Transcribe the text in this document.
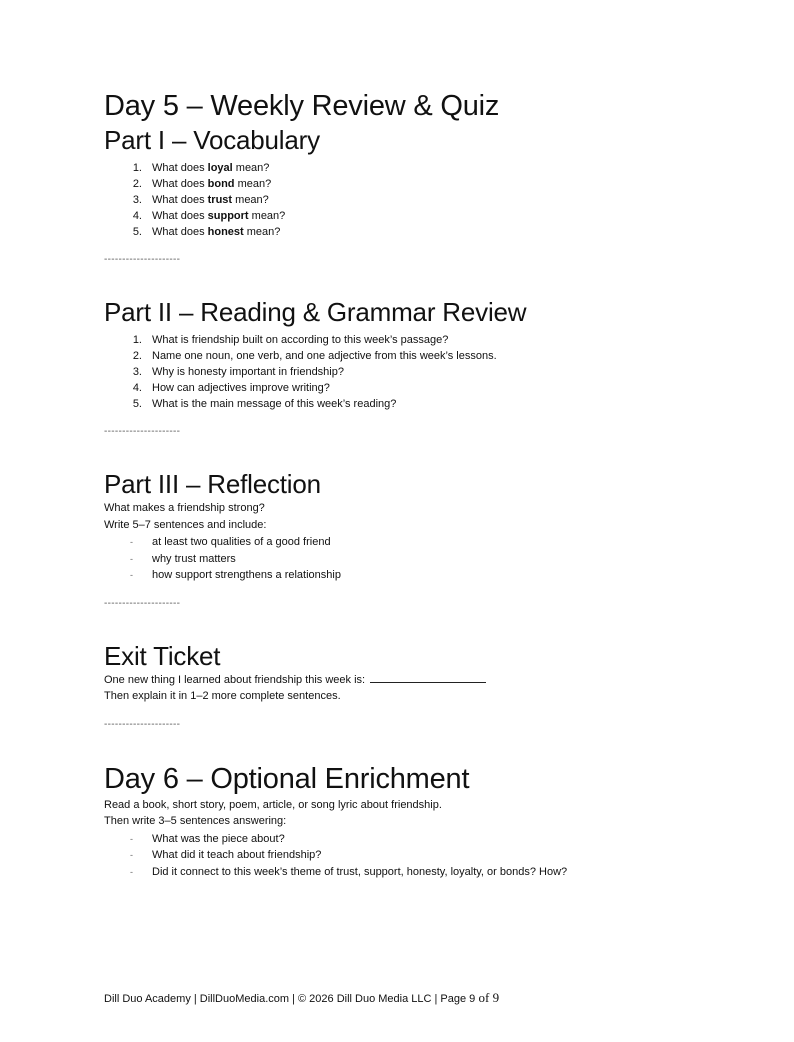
Day 5 – Weekly Review & Quiz
Part I – Vocabulary
1. What does loyal mean?
2. What does bond mean?
3. What does trust mean?
4. What does support mean?
5. What does honest mean?
---------------------
Part II – Reading & Grammar Review
1. What is friendship built on according to this week’s passage?
2. Name one noun, one verb, and one adjective from this week’s lessons.
3. Why is honesty important in friendship?
4. How can adjectives improve writing?
5. What is the main message of this week’s reading?
---------------------
Part III – Reflection

What makes a friendship strong?

Write 5–7 sentences and include:

- at least two qualities of a good friend
- why trust matters
- how support strengthens a relationship
---------------------
Exit Ticket

One new thing I learned about friendship this week is:

Then explain it in 1–2 more complete sentences.

---------------------
Day 6 – Optional Enrichment

Read a book, short story, poem, article, or song lyric about friendship.

Then write 3–5 sentences answering:

- What was the piece about?
- What did it teach about friendship?
- Did it connect to this week’s theme of trust, support, honesty, loyalty, or bonds? How?
Dill Duo Academy | DillDuoMedia.com | © 2026 Dill Duo Media LLC | Page 9 of 9
